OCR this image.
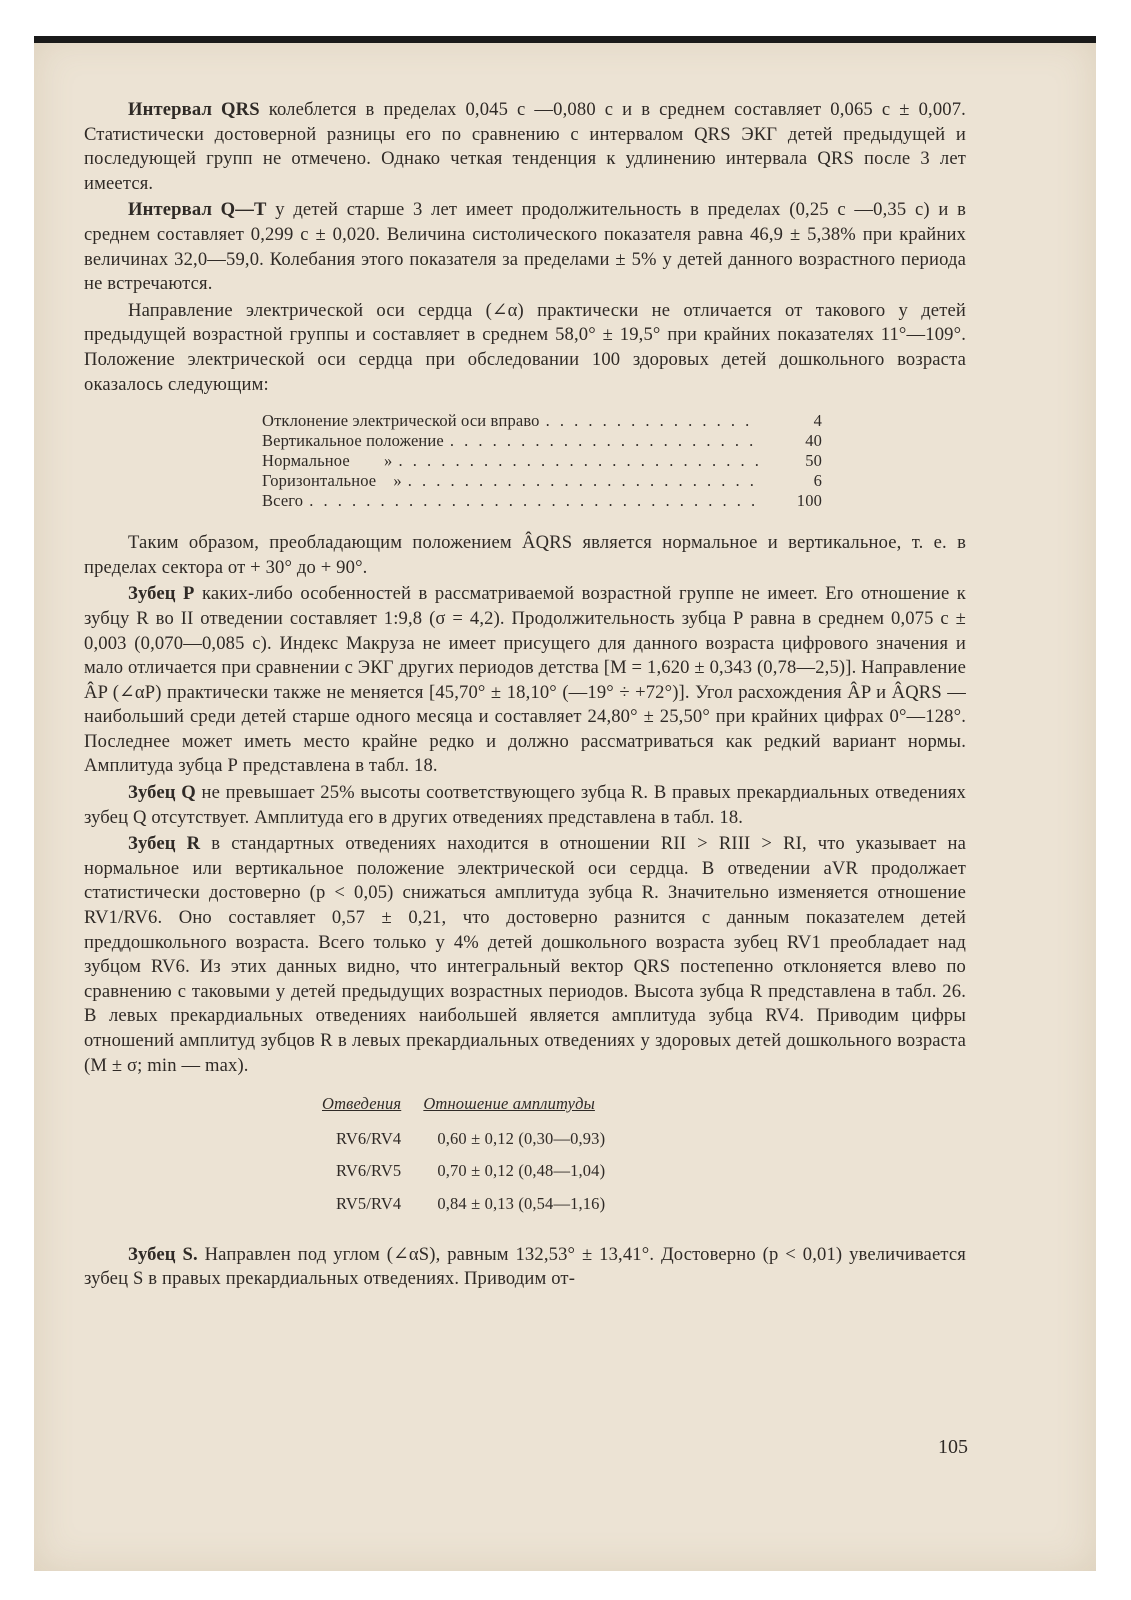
Интервал QRS колеблется в пределах 0,045 с —0,080 с и в среднем составляет 0,065 с ± 0,007. Статистически достоверной разницы его по сравнению с интервалом QRS ЭКГ детей предыдущей и последующей групп не отмечено. Однако четкая тенденция к удлинению интервала QRS после 3 лет имеется.

Интервал Q—Т у детей старше 3 лет имеет продолжительность в пределах (0,25 с —0,35 с) и в среднем составляет 0,299 с ± 0,020. Величина систолического показателя равна 46,9 ± 5,38% при крайних величинах 32,0—59,0. Колебания этого показателя за пределами ± 5% у детей данного возрастного периода не встречаются.

Направление электрической оси сердца (∠α) практически не отличается от такового у детей предыдущей возрастной группы и составляет в среднем 58,0° ± 19,5° при крайних показателях 11°—109°. Положение электрической оси сердца при обследовании 100 здоровых детей дошкольного возраста оказалось следующим:

Отклонение электрической оси вправо . . .	4
Вертикальное положение . . .	40
Нормальное        » . . .	50
Горизонтальное    » . . .	6
Всего . . .	100

Таким образом, преобладающим положением ÂQRS является нормальное и вертикальное, т. е. в пределах сектора от + 30° до + 90°.

Зубец Р каких-либо особенностей в рассматриваемой возрастной группе не имеет. Его отношение к зубцу R во II отведении составляет 1:9,8 (σ = 4,2). Продолжительность зубца Р равна в среднем 0,075 с ± 0,003 (0,070—0,085 с). Индекс Макруза не имеет присущего для данного возраста цифрового значения и мало отличается при сравнении с ЭКГ других периодов детства [M = 1,620 ± 0,343 (0,78—2,5)]. Направление ÂP (∠αP) практически также не меняется [45,70° ± 18,10° (—19° ÷ +72°)]. Угол расхождения ÂP и ÂQRS — наибольший среди детей старше одного месяца и составляет 24,80° ± 25,50° при крайних цифрах 0°—128°. Последнее может иметь место крайне редко и должно рассматриваться как редкий вариант нормы. Амплитуда зубца Р представлена в табл. 18.

Зубец Q не превышает 25% высоты соответствующего зубца R. В правых прекардиальных отведениях зубец Q отсутствует. Амплитуда его в других отведениях представлена в табл. 18.

Зубец R в стандартных отведениях находится в отношении RII > RIII > RI, что указывает на нормальное или вертикальное положение электрической оси сердца. В отведении aVR продолжает статистически достоверно (p < 0,05) снижаться амплитуда зубца R. Значительно изменяется отношение RV1/RV6. Оно составляет 0,57 ± 0,21, что достоверно разнится с данным показателем детей преддошкольного возраста. Всего только у 4% детей дошкольного возраста зубец RV1 преобладает над зубцом RV6. Из этих данных видно, что интегральный вектор QRS постепенно отклоняется влево по сравнению с таковыми у детей предыдущих возрастных периодов. Высота зубца R представлена в табл. 26. В левых прекардиальных отведениях наибольшей является амплитуда зубца RV4. Приводим цифры отношений амплитуд зубцов R в левых прекардиальных отведениях у здоровых детей дошкольного возраста (M ± σ; min — max).

Отведения	Отношение амплитуды
RV6/RV4	0,60 ± 0,12 (0,30—0,93)
RV6/RV5	0,70 ± 0,12 (0,48—1,04)
RV5/RV4	0,84 ± 0,13 (0,54—1,16)

Зубец S. Направлен под углом (∠αS), равным 132,53° ± 13,41°. Достоверно (p < 0,01) увеличивается зубец S в правых прекардиальных отведениях. Приводим от-

105
